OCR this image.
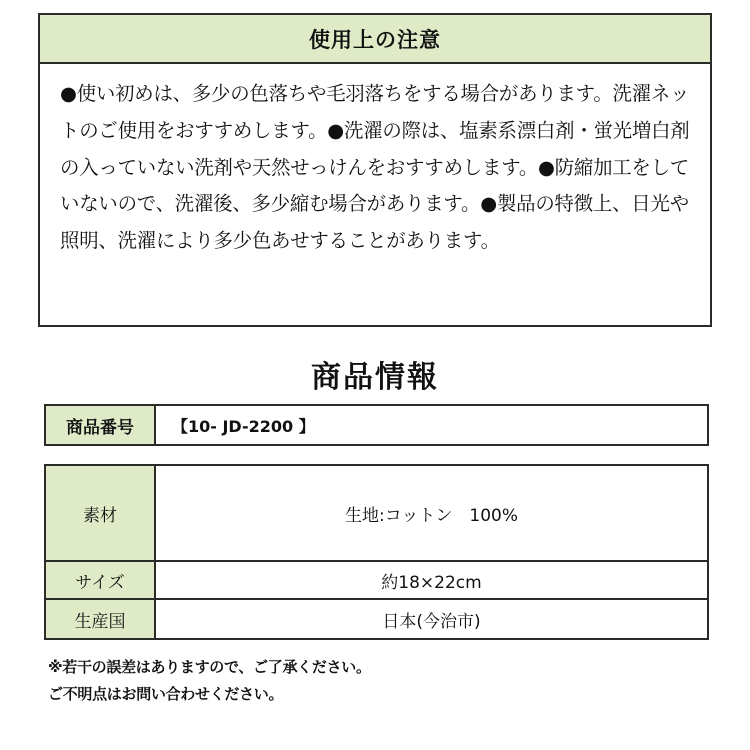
使用上の注意
●使い初めは、多少の色落ちや毛羽落ちをする場合があります。洗濯ネットのご使用をおすすめします。●洗濯の際は、塩素系漂白剤・蛍光増白剤の入っていない洗剤や天然せっけんをおすすめします。●防縮加工をしていないので、洗濯後、多少縮む場合があります。●製品の特徴上、日光や照明、洗濯により多少色あせすることがあります。
商品情報
商品番号	【10- JD-2200 】
素材	生地:コットン　100%
サイズ	約18×22cm
生産国	日本(今治市)
※若干の誤差はありますので、ご了承ください。
ご不明点はお問い合わせください。
